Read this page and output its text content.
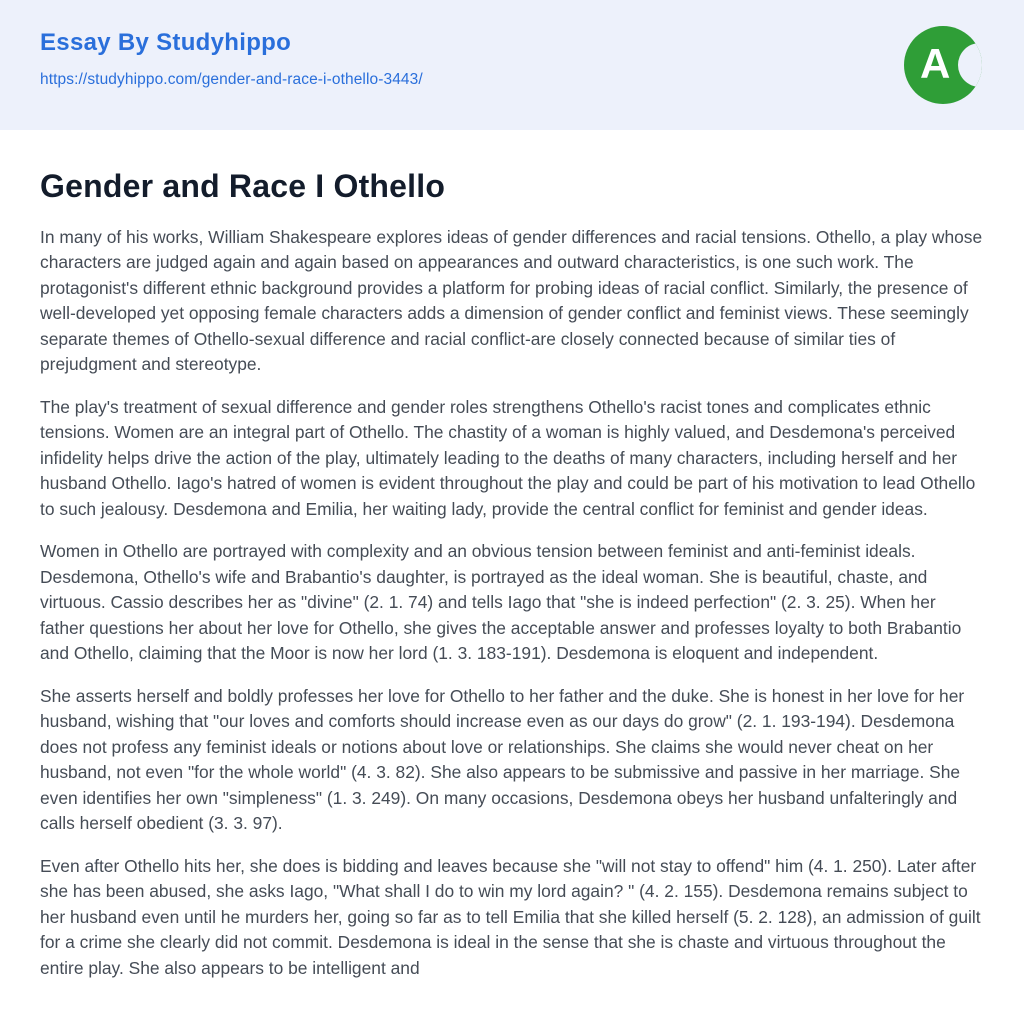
Essay By Studyhippo
https://studyhippo.com/gender-and-race-i-othello-3443/	A
Gender and Race I Othello

In many of his works, William Shakespeare explores ideas of gender differences and racial tensions. Othello, a play whose characters are judged again and again based on appearances and outward characteristics, is one such work. The protagonist's different ethnic background provides a platform for probing ideas of racial conflict. Similarly, the presence of well-developed yet opposing female characters adds a dimension of gender conflict and feminist views. These seemingly separate themes of Othello-sexual difference and racial conflict-are closely connected because of similar ties of prejudgment and stereotype.

The play's treatment of sexual difference and gender roles strengthens Othello's racist tones and complicates ethnic tensions. Women are an integral part of Othello. The chastity of a woman is highly valued, and Desdemona's perceived infidelity helps drive the action of the play, ultimately leading to the deaths of many characters, including herself and her husband Othello. Iago's hatred of women is evident throughout the play and could be part of his motivation to lead Othello to such jealousy. Desdemona and Emilia, her waiting lady, provide the central conflict for feminist and gender ideas.

Women in Othello are portrayed with complexity and an obvious tension between feminist and anti-feminist ideals. Desdemona, Othello's wife and Brabantio's daughter, is portrayed as the ideal woman. She is beautiful, chaste, and virtuous. Cassio describes her as "divine" (2. 1. 74) and tells Iago that "she is indeed perfection" (2. 3. 25). When her father questions her about her love for Othello, she gives the acceptable answer and professes loyalty to both Brabantio and Othello, claiming that the Moor is now her lord (1. 3. 183-191). Desdemona is eloquent and independent.

She asserts herself and boldly professes her love for Othello to her father and the duke. She is honest in her love for her husband, wishing that "our loves and comforts should increase even as our days do grow" (2. 1. 193-194). Desdemona does not profess any feminist ideals or notions about love or relationships. She claims she would never cheat on her husband, not even "for the whole world" (4. 3. 82). She also appears to be submissive and passive in her marriage. She even identifies her own "simpleness" (1. 3. 249). On many occasions, Desdemona obeys her husband unfalteringly and calls herself obedient (3. 3. 97).

Even after Othello hits her, she does is bidding and leaves because she "will not stay to offend" him (4. 1. 250). Later after she has been abused, she asks Iago, "What shall I do to win my lord again? " (4. 2. 155). Desdemona remains subject to her husband even until he murders her, going so far as to tell Emilia that she killed herself (5. 2. 128), an admission of guilt for a crime she clearly did not commit. Desdemona is ideal in the sense that she is chaste and virtuous throughout the entire play. She also appears to be intelligent and
